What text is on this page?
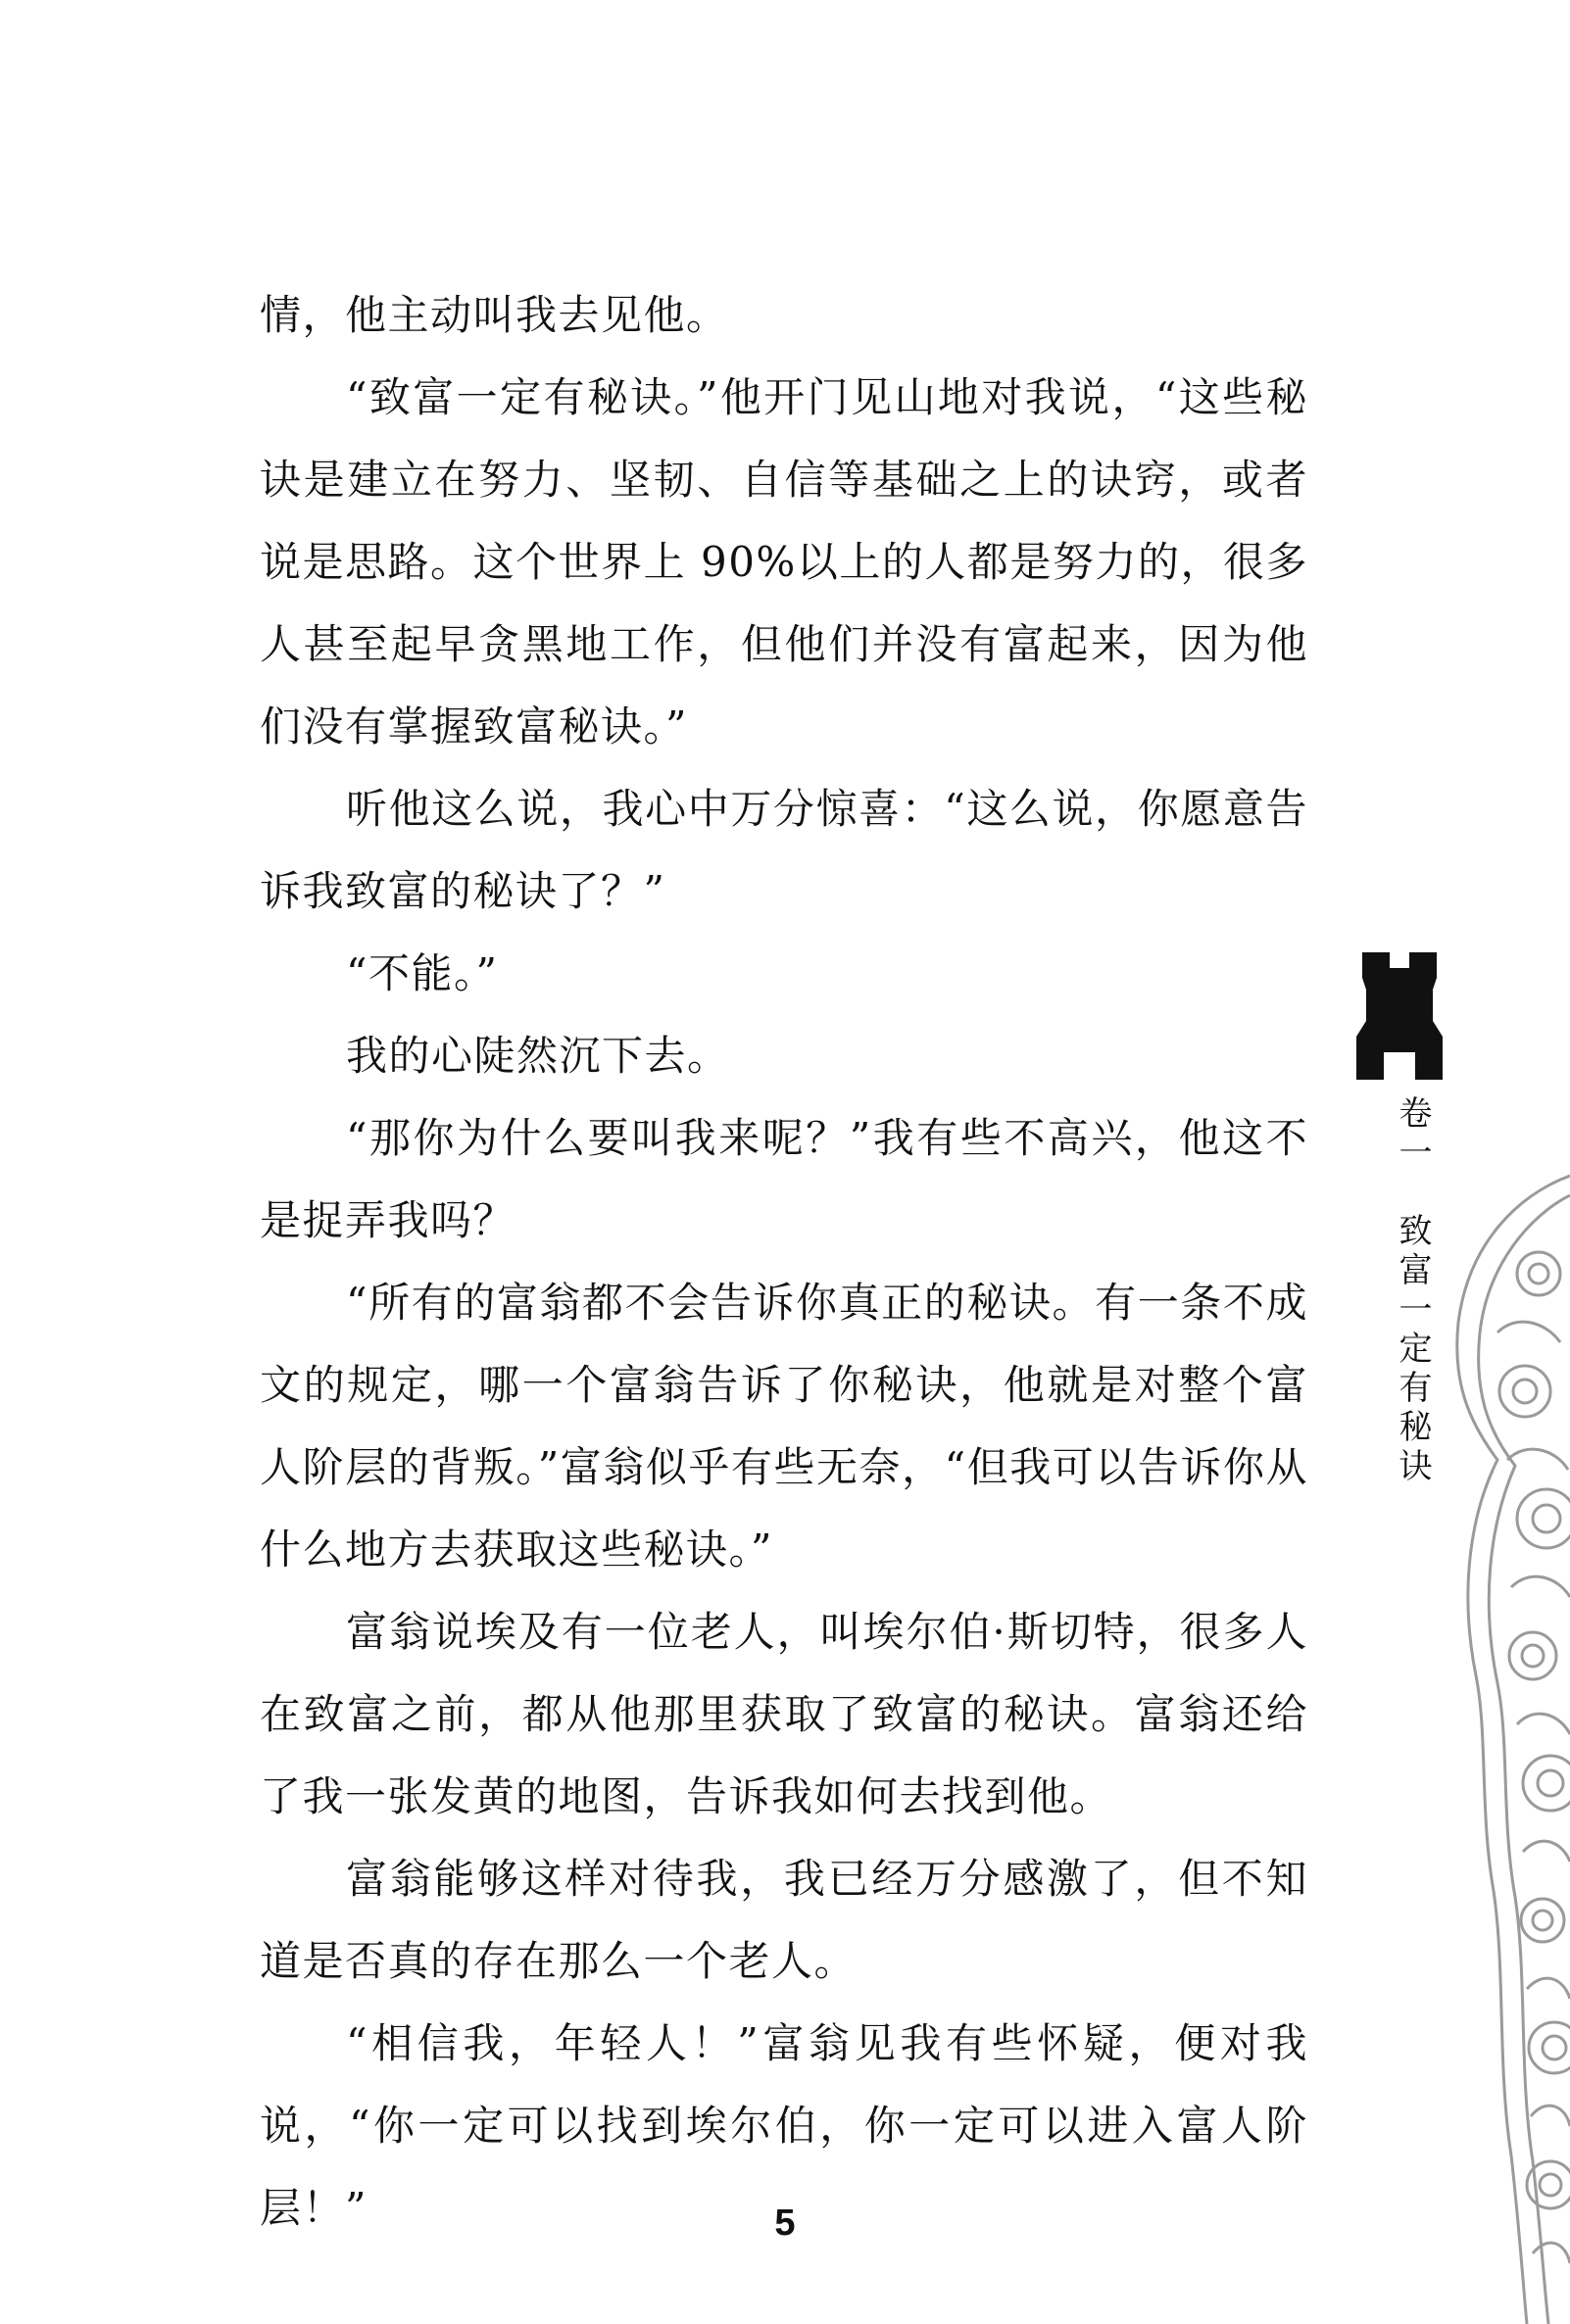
情，他主动叫我去见他。

“致富一定有秘诀。”他开门见山地对我说，“这些秘诀是建立在努力、坚韧、自信等基础之上的诀窍，或者说是思路。这个世界上 90%以上的人都是努力的，很多人甚至起早贪黑地工作，但他们并没有富起来，因为他们没有掌握致富秘诀。”

听他这么说，我心中万分惊喜：“这么说，你愿意告诉我致富的秘诀了？”

“不能。”

我的心陡然沉下去。

“那你为什么要叫我来呢？”我有些不高兴，他这不是捉弄我吗？

“所有的富翁都不会告诉你真正的秘诀。有一条不成文的规定，哪一个富翁告诉了你秘诀，他就是对整个富人阶层的背叛。”富翁似乎有些无奈，“但我可以告诉你从什么地方去获取这些秘诀。”

富翁说埃及有一位老人，叫埃尔伯·斯切特，很多人在致富之前，都从他那里获取了致富的秘诀。富翁还给了我一张发黄的地图，告诉我如何去找到他。

富翁能够这样对待我，我已经万分感激了，但不知道是否真的存在那么一个老人。

“相信我，年轻人！”富翁见我有些怀疑，便对我说，“你一定可以找到埃尔伯，你一定可以进入富人阶层！”

卷一
致富一定有秘诀
5
